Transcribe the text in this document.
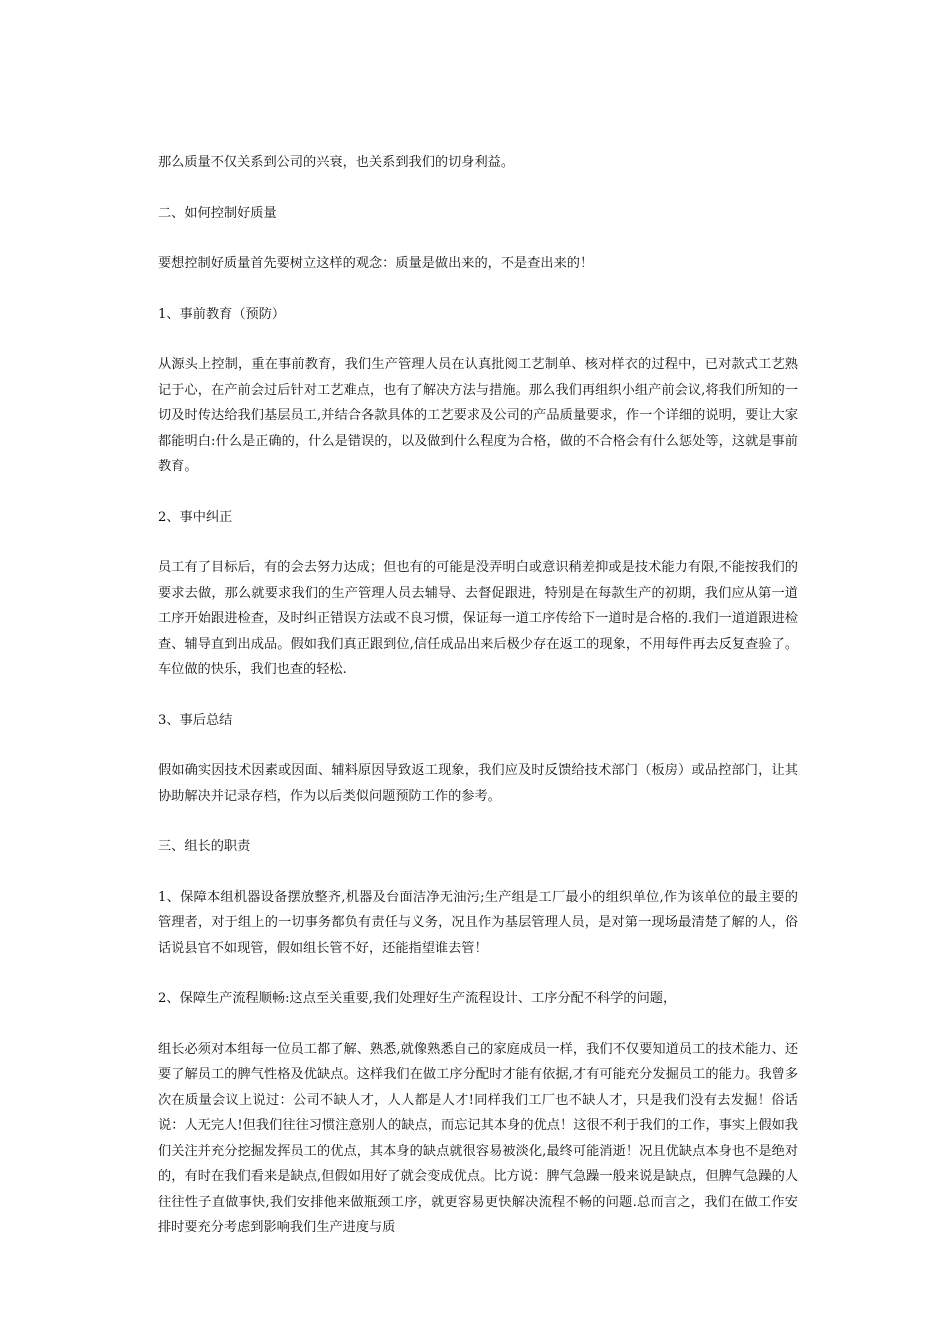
那么质量不仅关系到公司的兴衰，也关系到我们的切身利益。

二、如何控制好质量

要想控制好质量首先要树立这样的观念：质量是做出来的，不是查出来的！

1、事前教育（预防）

从源头上控制，重在事前教育，我们生产管理人员在认真批阅工艺制单、核对样衣的过程中，已对款式工艺熟记于心，在产前会过后针对工艺难点，也有了解决方法与措施。那么我们再组织小组产前会议,将我们所知的一切及时传达给我们基层员工,并结合各款具体的工艺要求及公司的产品质量要求，作一个详细的说明，要让大家都能明白:什么是正确的，什么是错误的，以及做到什么程度为合格，做的不合格会有什么惩处等，这就是事前教育。

2、事中纠正

员工有了目标后，有的会去努力达成；但也有的可能是没弄明白或意识稍差抑或是技术能力有限,不能按我们的要求去做，那么就要求我们的生产管理人员去辅导、去督促跟进，特别是在每款生产的初期，我们应从第一道工序开始跟进检查，及时纠正错误方法或不良习惯，保证每一道工序传给下一道时是合格的.我们一道道跟进检查、辅导直到出成品。假如我们真正跟到位,信任成品出来后极少存在返工的现象，不用每件再去反复查验了。车位做的快乐，我们也查的轻松.

3、事后总结

假如确实因技术因素或因面、辅料原因导致返工现象，我们应及时反馈给技术部门（板房）或品控部门，让其协助解决并记录存档，作为以后类似问题预防工作的参考。

三、组长的职责

1、保障本组机器设备摆放整齐,机器及台面洁净无油污;生产组是工厂最小的组织单位,作为该单位的最主要的管理者，对于组上的一切事务都负有责任与义务，况且作为基层管理人员，是对第一现场最清楚了解的人，俗话说县官不如现管，假如组长管不好，还能指望谁去管！

2、保障生产流程顺畅:这点至关重要,我们处理好生产流程设计、工序分配不科学的问题，

组长必须对本组每一位员工都了解、熟悉,就像熟悉自己的家庭成员一样，我们不仅要知道员工的技术能力、还要了解员工的脾气性格及优缺点。这样我们在做工序分配时才能有依据,才有可能充分发掘员工的能力。我曾多次在质量会议上说过：公司不缺人才，人人都是人才!同样我们工厂也不缺人才，只是我们没有去发掘！俗话说：人无完人!但我们往往习惯注意别人的缺点，而忘记其本身的优点！这很不利于我们的工作，事实上假如我们关注并充分挖掘发挥员工的优点，其本身的缺点就很容易被淡化,最终可能消逝！况且优缺点本身也不是绝对的，有时在我们看来是缺点,但假如用好了就会变成优点。比方说：脾气急躁一般来说是缺点，但脾气急躁的人往往性子直做事快,我们安排他来做瓶颈工序，就更容易更快解决流程不畅的问题.总而言之，我们在做工作安排时要充分考虑到影响我们生产进度与质
